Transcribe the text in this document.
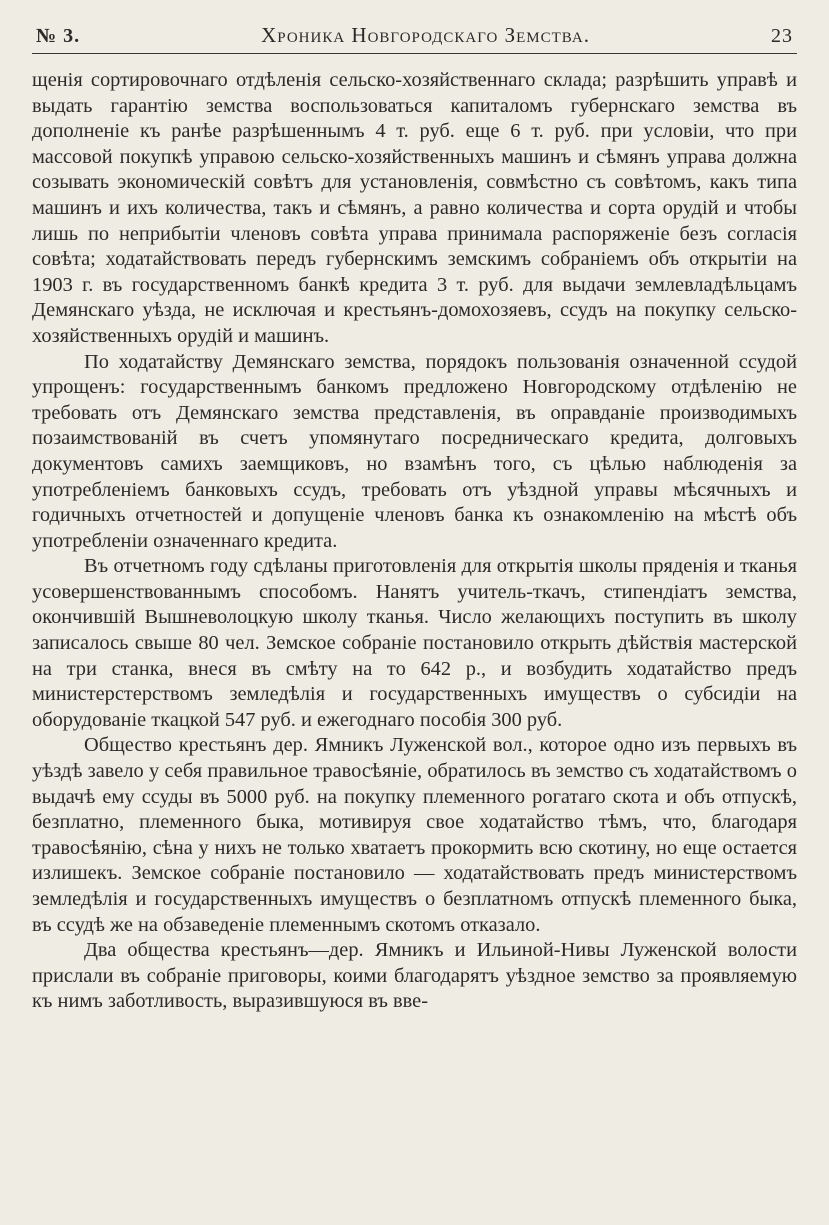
№ 3.	Хроника Новгородскаго Земства.	23

щенія сортировочнаго отдѣленія сельско-хозяйственнаго склада; разрѣшить управѣ и выдать гарантію земства воспользоваться капиталомъ губернскаго земства въ дополненіе къ ранѣе разрѣшеннымъ 4 т. руб. еще 6 т. руб. при условіи, что при массовой покупкѣ управою сельско-хозяйственныхъ машинъ и сѣмянъ управа должна созывать экономическій совѣтъ для установленія, совмѣстно съ совѣтомъ, какъ типа машинъ и ихъ количества, такъ и сѣмянъ, а равно количества и сорта орудій и чтобы лишь по неприбытіи членовъ совѣта управа принимала распоряженіе безъ согласія совѣта; ходатайствовать передъ губернскимъ земскимъ собраніемъ объ открытіи на 1903 г. въ государственномъ банкѣ кредита 3 т. руб. для выдачи землевладѣльцамъ Демянскаго уѣзда, не исключая и крестьянъ-домохозяевъ, ссудъ на покупку сельско-хозяйственныхъ орудій и машинъ.

По ходатайству Демянскаго земства, порядокъ пользованія означенной ссудой упрощенъ: государственнымъ банкомъ предложено Новгородскому отдѣленію не требовать отъ Демянскаго земства представленія, въ оправданіе производимыхъ позаимствованій въ счетъ упомянутаго посредническаго кредита, долговыхъ документовъ самихъ заемщиковъ, но взамѣнъ того, съ цѣлью наблюденія за употребленіемъ банковыхъ ссудъ, требовать отъ уѣздной управы мѣсячныхъ и годичныхъ отчетностей и допущеніе членовъ банка къ ознакомленію на мѣстѣ объ употребленіи означеннаго кредита.

Въ отчетномъ году сдѣланы приготовленія для открытія школы пряденія и тканья усовершенствованнымъ способомъ. Нанятъ учитель-ткачъ, стипендіатъ земства, окончившій Вышневолоцкую школу тканья. Число желающихъ поступить въ школу записалось свыше 80 чел. Земское собраніе постановило открыть дѣйствія мастерской на три станка, внеся въ смѣту на то 642 р., и возбудить ходатайство предъ министерстерствомъ земледѣлія и государственныхъ имуществъ о субсидіи на оборудованіе ткацкой 547 руб. и ежегоднаго пособія 300 руб.

Общество крестьянъ дер. Ямникъ Луженской вол., которое одно изъ первыхъ въ уѣздѣ завело у себя правильное травосѣяніе, обратилось въ земство съ ходатайствомъ о выдачѣ ему ссуды въ 5000 руб. на покупку племенного рогатаго скота и объ отпускѣ, безплатно, племенного быка, мотивируя свое ходатайство тѣмъ, что, благодаря травосѣянію, сѣна у нихъ не только хватаетъ прокормить всю скотину, но еще остается излишекъ. Земское собраніе постановило — ходатайствовать предъ министерствомъ земледѣлія и государственныхъ имуществъ о безплатномъ отпускѣ племенного быка, въ ссудѣ же на обзаведеніе племеннымъ скотомъ отказало.

Два общества крестьянъ—дер. Ямникъ и Ильиной-Нивы Луженской волости прислали въ собраніе приговоры, коими благодарятъ уѣздное земство за проявляемую къ нимъ заботливость, выразившуюся въ вве-
